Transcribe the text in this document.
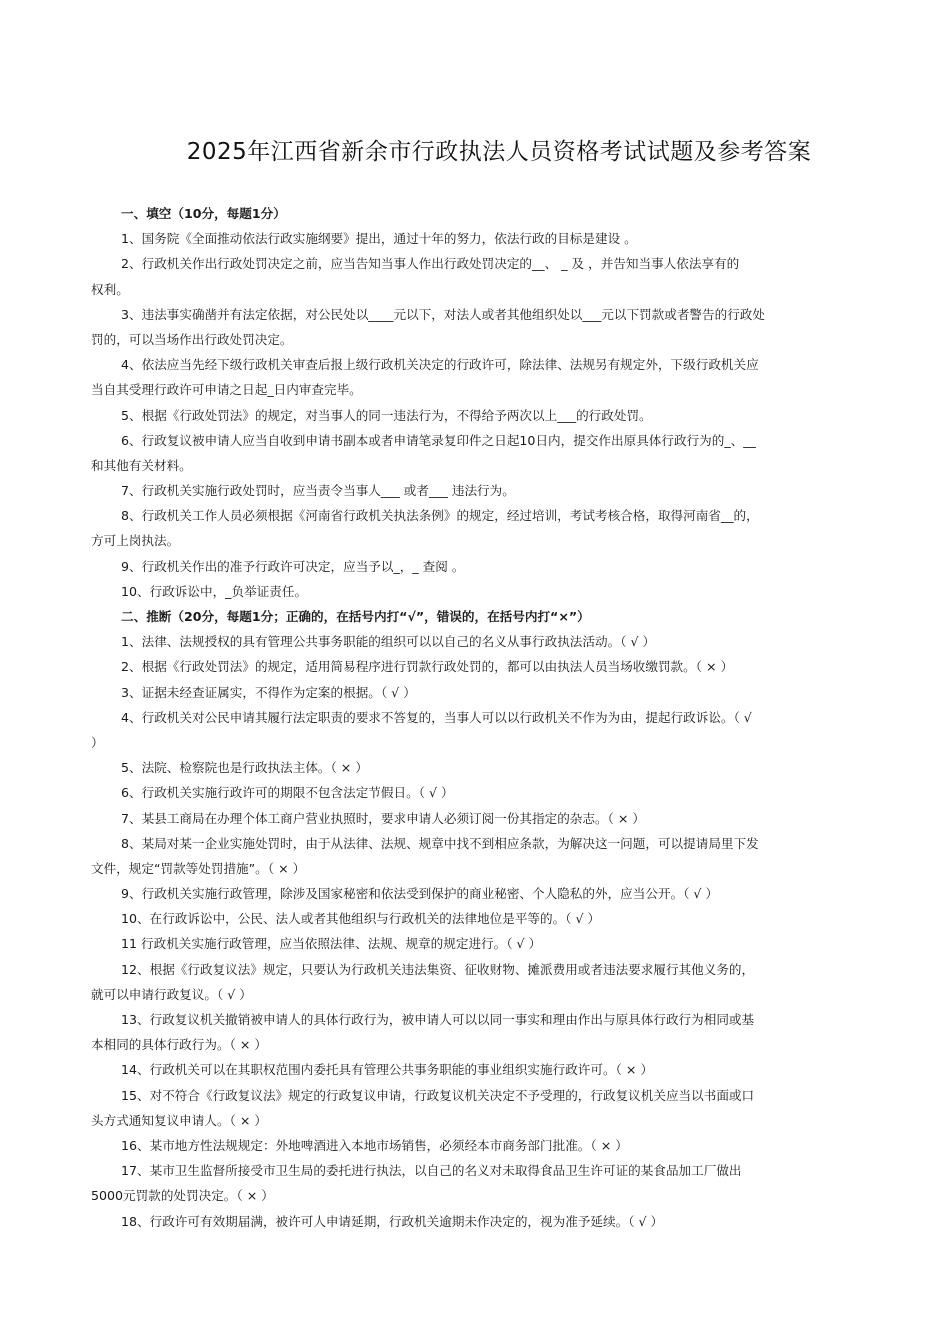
2025年江西省新余市行政执法人员资格考试试题及参考答案
一、填空（10分，每题1分）
1、国务院《全面推动依法行政实施纲要》提出，通过十年的努力，依法行政的目标是建设 。
2、行政机关作出行政处罚决定之前，应当告知当事人作出行政处罚决定的__、 _ 及 ，并告知当事人依法享有的
权利。
3、违法事实确凿并有法定依据，对公民处以____元以下，对法人或者其他组织处以___元以下罚款或者警告的行政处
罚的，可以当场作出行政处罚决定。
4、依法应当先经下级行政机关审查后报上级行政机关决定的行政许可，除法律、法规另有规定外，下级行政机关应
当自其受理行政许可申请之日起_日内审查完毕。
5、根据《行政处罚法》的规定，对当事人的同一违法行为，不得给予两次以上___的行政处罚。
6、行政复议被申请人应当自收到申请书副本或者申请笔录复印件之日起10日内，提交作出原具体行政行为的_、__
和其他有关材料。
7、行政机关实施行政处罚时，应当责令当事人___ 或者___ 违法行为。
8、行政机关工作人员必须根据《河南省行政机关执法条例》的规定，经过培训，考试考核合格，取得河南省__的，
方可上岗执法。
9、行政机关作出的准予行政许可决定，应当予以_，_ 查阅 。
10、行政诉讼中，_负举证责任。
二、推断（20分，每题1分；正确的，在括号内打“√”，错误的，在括号内打“×”）
1、法律、法规授权的具有管理公共事务职能的组织可以以自己的名义从事行政执法活动。（ √ ）
2、根据《行政处罚法》的规定，适用简易程序进行罚款行政处罚的，都可以由执法人员当场收缴罚款。（ × ）
3、证据未经查证属实，不得作为定案的根据。（ √ ）
4、行政机关对公民申请其履行法定职责的要求不答复的，当事人可以以行政机关不作为为由，提起行政诉讼。（ √
）
5、法院、检察院也是行政执法主体。（ × ）
6、行政机关实施行政许可的期限不包含法定节假日。（ √ ）
7、某县工商局在办理个体工商户营业执照时，要求申请人必须订阅一份其指定的杂志。（ × ）
8、某局对某一企业实施处罚时，由于从法律、法规、规章中找不到相应条款，为解决这一问题，可以提请局里下发
文件，规定“罚款等处罚措施”。（ × ）
9、行政机关实施行政管理，除涉及国家秘密和依法受到保护的商业秘密、个人隐私的外，应当公开。（ √ ）
10、在行政诉讼中，公民、法人或者其他组织与行政机关的法律地位是平等的。（ √ ）
11 行政机关实施行政管理，应当依照法律、法规、规章的规定进行。（ √ ）
12、根据《行政复议法》规定，只要认为行政机关违法集资、征收财物、摊派费用或者违法要求履行其他义务的，
就可以申请行政复议。（ √ ）
13、行政复议机关撤销被申请人的具体行政行为，被申请人可以以同一事实和理由作出与原具体行政行为相同或基
本相同的具体行政行为。（ × ）
14、行政机关可以在其职权范围内委托具有管理公共事务职能的事业组织实施行政许可。（ × ）
15、对不符合《行政复议法》规定的行政复议申请，行政复议机关决定不予受理的，行政复议机关应当以书面或口
头方式通知复议申请人。（ × ）
16、某市地方性法规规定：外地啤酒进入本地市场销售，必须经本市商务部门批准。（ × ）
17、某市卫生监督所接受市卫生局的委托进行执法，以自己的名义对未取得食品卫生许可证的某食品加工厂做出
5000元罚款的处罚决定。（ × ）
18、行政许可有效期届满，被许可人申请延期，行政机关逾期未作决定的，视为准予延续。（ √ ）
